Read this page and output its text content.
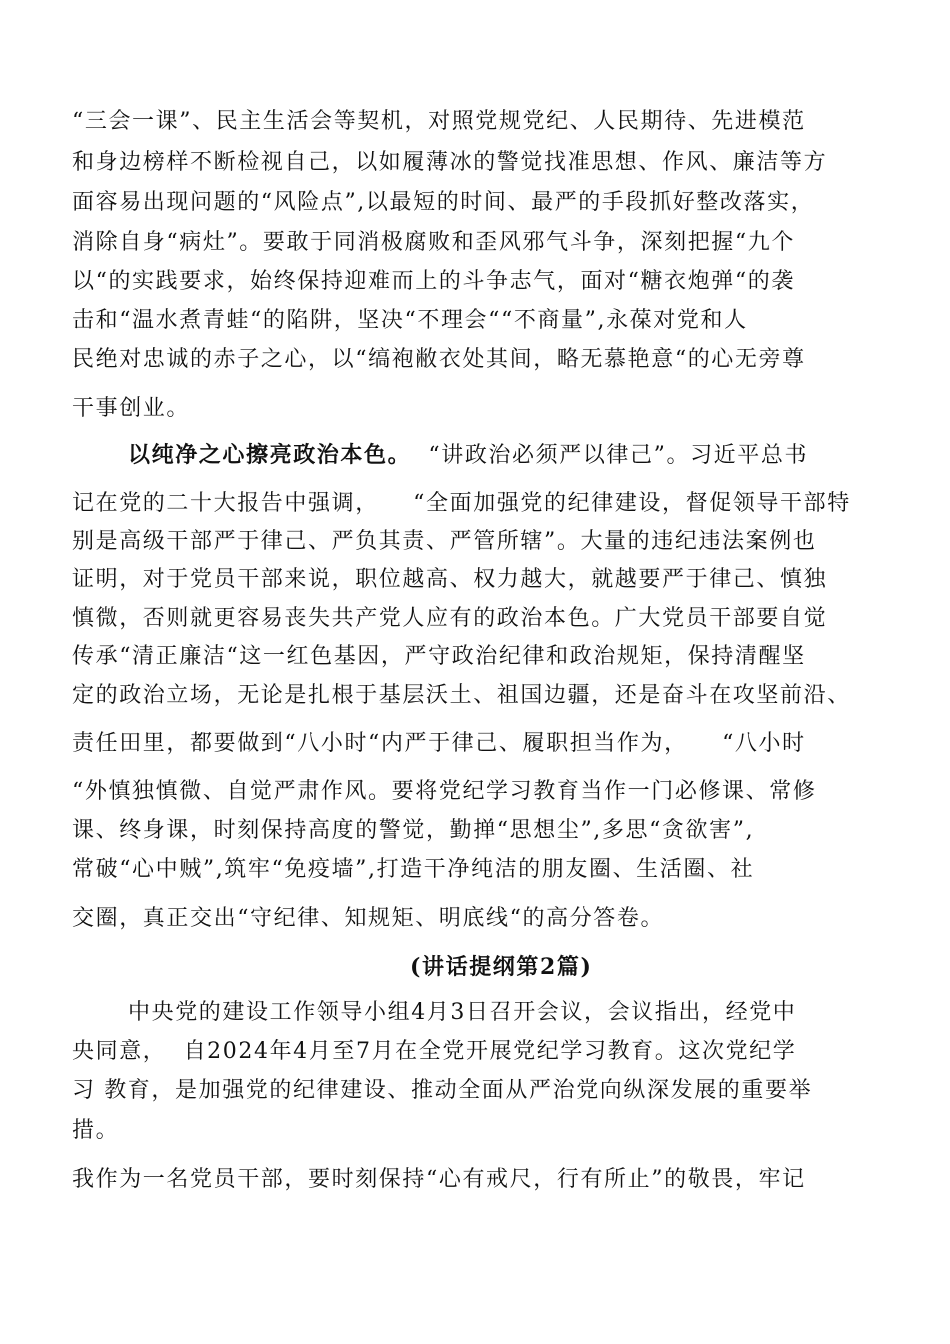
“三会一课”、民主生活会等契机，对照党规党纪、人民期待、先进模范

和身边榜样不断检视自己，以如履薄冰的警觉找准思想、作风、廉洁等方

面容易出现问题的“风险点”,以最短的时间、最严的手段抓好整改落实，

消除自身“病灶”。要敢于同消极腐败和歪风邪气斗争，深刻把握“九个

以“的实践要求，始终保持迎难而上的斗争志气，面对“糖衣炮弹“的袭

击和“温水煮青蛙“的陷阱，坚决“不理会““不商量”,永葆对党和人

民绝对忠诚的赤子之心，以“缟袍敝衣处其间，略无慕艳意“的心无旁尊

干事创业。

以纯净之心擦亮政治本色。  “讲政治必须严以律己”。习近平总书

记在党的二十大报告中强调，    “全面加强党的纪律建设，督促领导干部特

别是高级干部严于律己、严负其责、严管所辖”。大量的违纪违法案例也

证明，对于党员干部来说，职位越高、权力越大，就越要严于律己、慎独

慎微，否则就更容易丧失共产党人应有的政治本色。广大党员干部要自觉

传承“清正廉洁“这一红色基因，严守政治纪律和政治规矩，保持清醒坚

定的政治立场，无论是扎根于基层沃土、祖国边疆，还是奋斗在攻坚前沿、

责任田里，都要做到“八小时“内严于律己、履职担当作为，    “八小时

“外慎独慎微、自觉严肃作风。要将党纪学习教育当作一门必修课、常修

课、终身课，时刻保持高度的警觉，勤掸“思想尘”,多思“贪欲害”,

常破“心中贼”,筑牢“免疫墙”,打造干净纯洁的朋友圈、生活圈、社

交圈，真正交出“守纪律、知规矩、明底线“的高分答卷。

(讲话提纲第2篇)

中央党的建设工作领导小组4月3日召开会议，会议指出，经党中

央同意，  自2024年4月至7月在全党开展党纪学习教育。这次党纪学

习 教育，是加强党的纪律建设、推动全面从严治党向纵深发展的重要举

措。

我作为一名党员干部，要时刻保持“心有戒尺，行有所止”的敬畏，牢记
